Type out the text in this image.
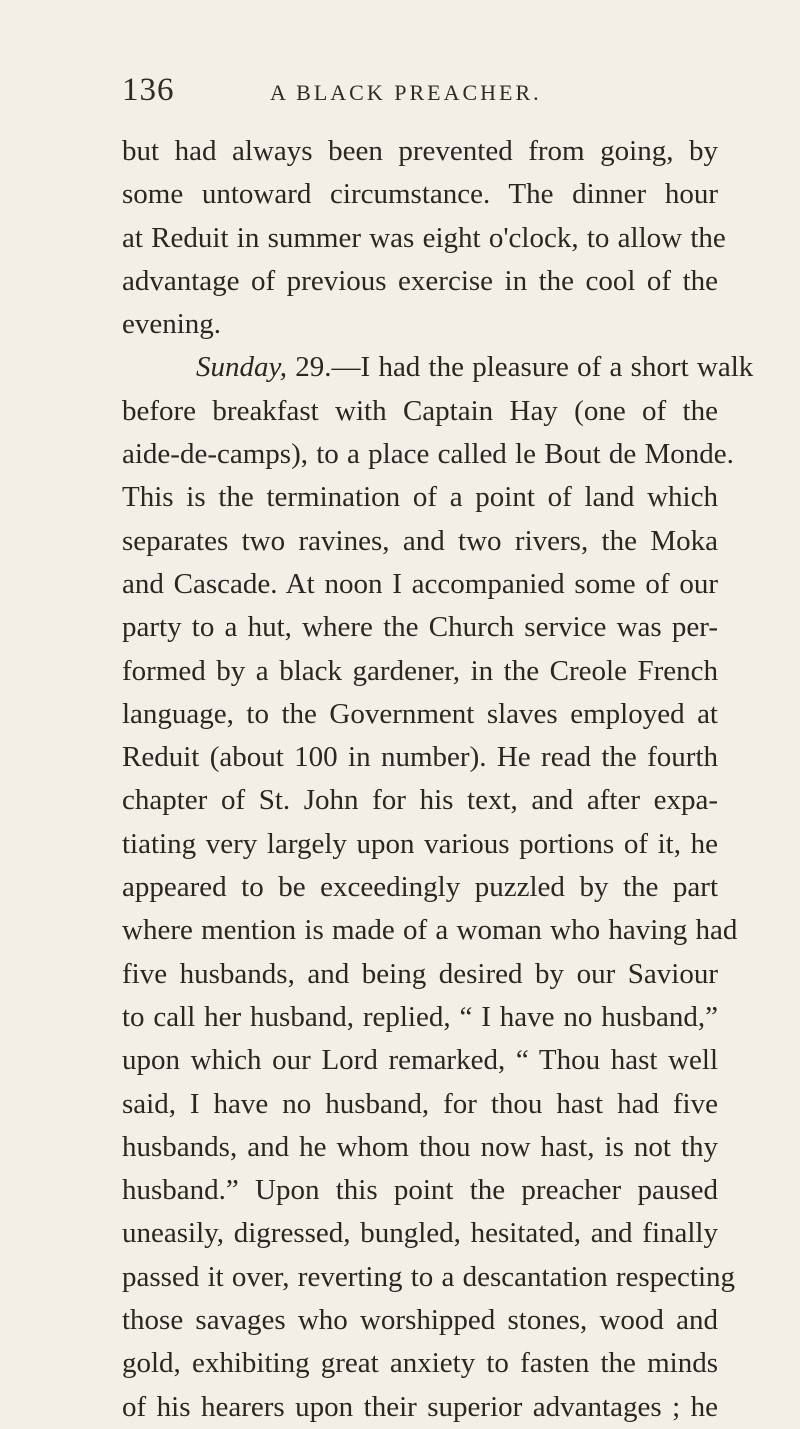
136	A BLACK PREACHER.
but had always been prevented from going, by
some untoward circumstance. The dinner hour
at Reduit in summer was eight o'clock, to allow the
advantage of previous exercise in the cool of the
evening.
Sunday, 29.—I had the pleasure of a short walk
before breakfast with Captain Hay (one of the
aide-de-camps), to a place called le Bout de Monde.
This is the termination of a point of land which
separates two ravines, and two rivers, the Moka
and Cascade. At noon I accompanied some of our
party to a hut, where the Church service was per-
formed by a black gardener, in the Creole French
language, to the Government slaves employed at
Reduit (about 100 in number). He read the fourth
chapter of St. John for his text, and after expa-
tiating very largely upon various portions of it, he
appeared to be exceedingly puzzled by the part
where mention is made of a woman who having had
five husbands, and being desired by our Saviour
to call her husband, replied, “ I have no husband,”
upon which our Lord remarked, “ Thou hast well
said, I have no husband, for thou hast had five
husbands, and he whom thou now hast, is not thy
husband.” Upon this point the preacher paused
uneasily, digressed, bungled, hesitated, and finally
passed it over, reverting to a descantation respecting
those savages who worshipped stones, wood and
gold, exhibiting great anxiety to fasten the minds
of his hearers upon their superior advantages ; he
